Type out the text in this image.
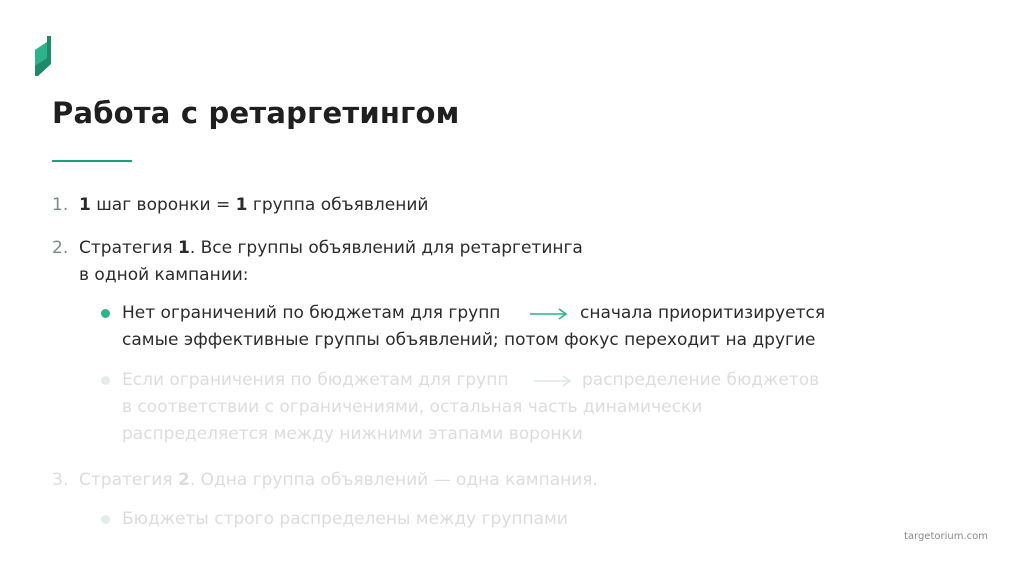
Работа с ретаргетингом
1. 1 шаг воронки = 1 группа объявлений
2. Стратегия 1. Все группы объявлений для ретаргетинга
в одной кампании:
Нет ограничений по бюджетам для групп	сначала приоритизируется
самые эффективные группы объявлений; потом фокус переходит на другие
Если ограничения по бюджетам для групп	распределение бюджетов
в соответствии с ограничениями, остальная часть динамически
распределяется между нижними этапами воронки
3. Стратегия 2. Одна группа объявлений — одна кампания.
Бюджеты строго распределены между группами
targetorium.com
